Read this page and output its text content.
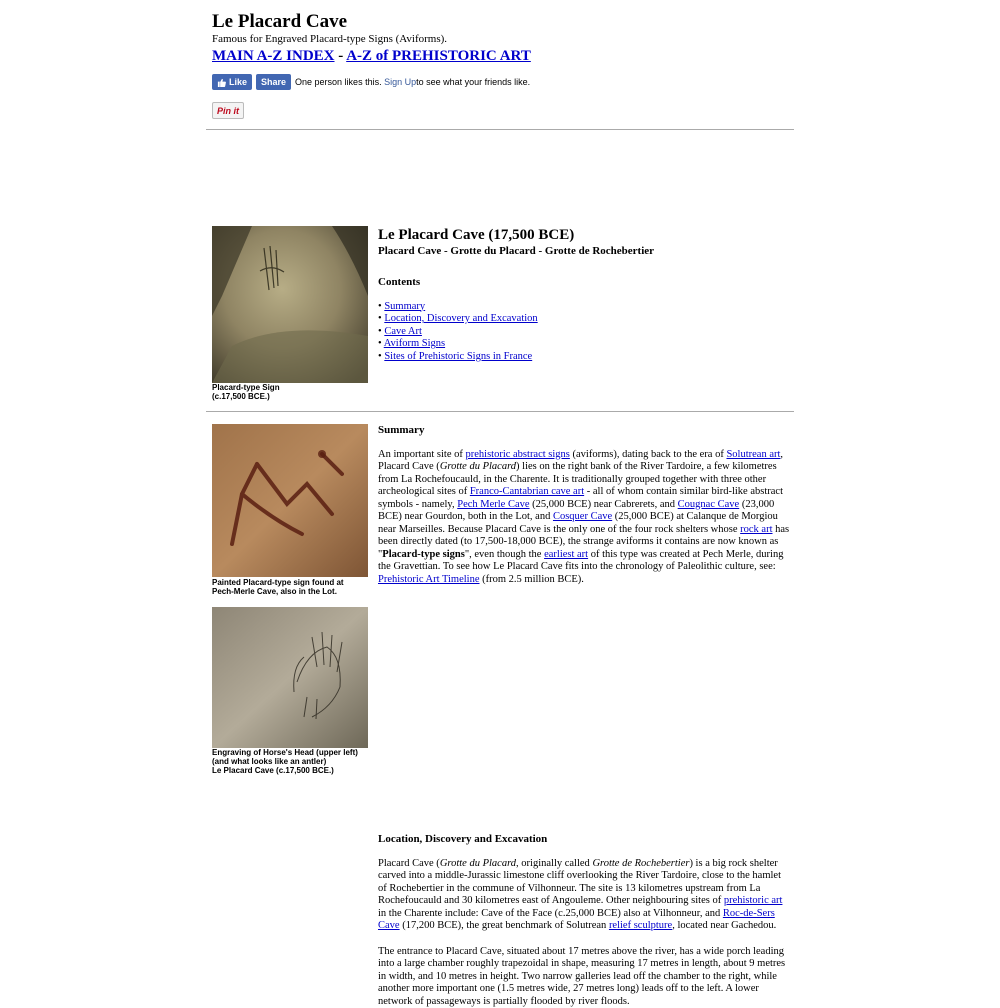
Le Placard Cave
Famous for Engraved Placard-type Signs (Aviforms).
MAIN A-Z INDEX - A-Z of PREHISTORIC ART
Like	Share	One person likes this.
Sign Up to see what your friends like.
Pin it
Placard-type Sign
(c.17,500 BCE.)
Le Placard Cave (17,500 BCE)
Placard Cave - Grotte du Placard - Grotte de Rochebertier
Contents
• Summary
• Location, Discovery and Excavation
• Cave Art
• Aviform Signs
• Sites of Prehistoric Signs in France
Painted Placard-type sign found at
Pech-Merle Cave, also in the Lot.
Engraving of Horse's Head (upper left)
(and what looks like an antler)
Le Placard Cave (c.17,500 BCE.)
Summary

An important site of prehistoric abstract signs (aviforms), dating back to the era of Solutrean art, Placard Cave (Grotte du Placard) lies on the right bank of the River Tardoire, a few kilometres from La Rochefoucauld, in the Charente. It is traditionally grouped together with three other archeological sites of Franco-Cantabrian cave art - all of whom contain similar bird-like abstract symbols - namely, Pech Merle Cave (25,000 BCE) near Cabrerets, and Cougnac Cave (23,000 BCE) near Gourdon, both in the Lot, and Cosquer Cave (25,000 BCE) at Calanque de Morgiou near Marseilles. Because Placard Cave is the only one of the four rock shelters whose rock art has been directly dated (to 17,500-18,000 BCE), the strange aviforms it contains are now known as "Placard-type signs", even though the earliest art of this type was created at Pech Merle, during the Gravettian. To see how Le Placard Cave fits into the chronology of Paleolithic culture, see: Prehistoric Art Timeline (from 2.5 million BCE).

Location, Discovery and Excavation

Placard Cave (Grotte du Placard, originally called Grotte de Rochebertier) is a big rock shelter carved into a middle-Jurassic limestone cliff overlooking the River Tardoire, close to the hamlet of Rochebertier in the commune of Vilhonneur. The site is 13 kilometres upstream from La Rochefoucauld and 30 kilometres east of Angouleme. Other neighbouring sites of prehistoric art in the Charente include: Cave of the Face (c.25,000 BCE) also at Vilhonneur, and Roc-de-Sers Cave (17,200 BCE), the great benchmark of Solutrean relief sculpture, located near Gachedou.

The entrance to Placard Cave, situated about 17 metres above the river, has a wide porch leading into a large chamber roughly trapezoidal in shape, measuring 17 metres in length, about 9 metres in width, and 10 metres in height. Two narrow galleries lead off the chamber to the right, while another more important one (1.5 metres wide, 27 metres long) leads off to the left. A lower network of passageways is partially flooded by river floods.
